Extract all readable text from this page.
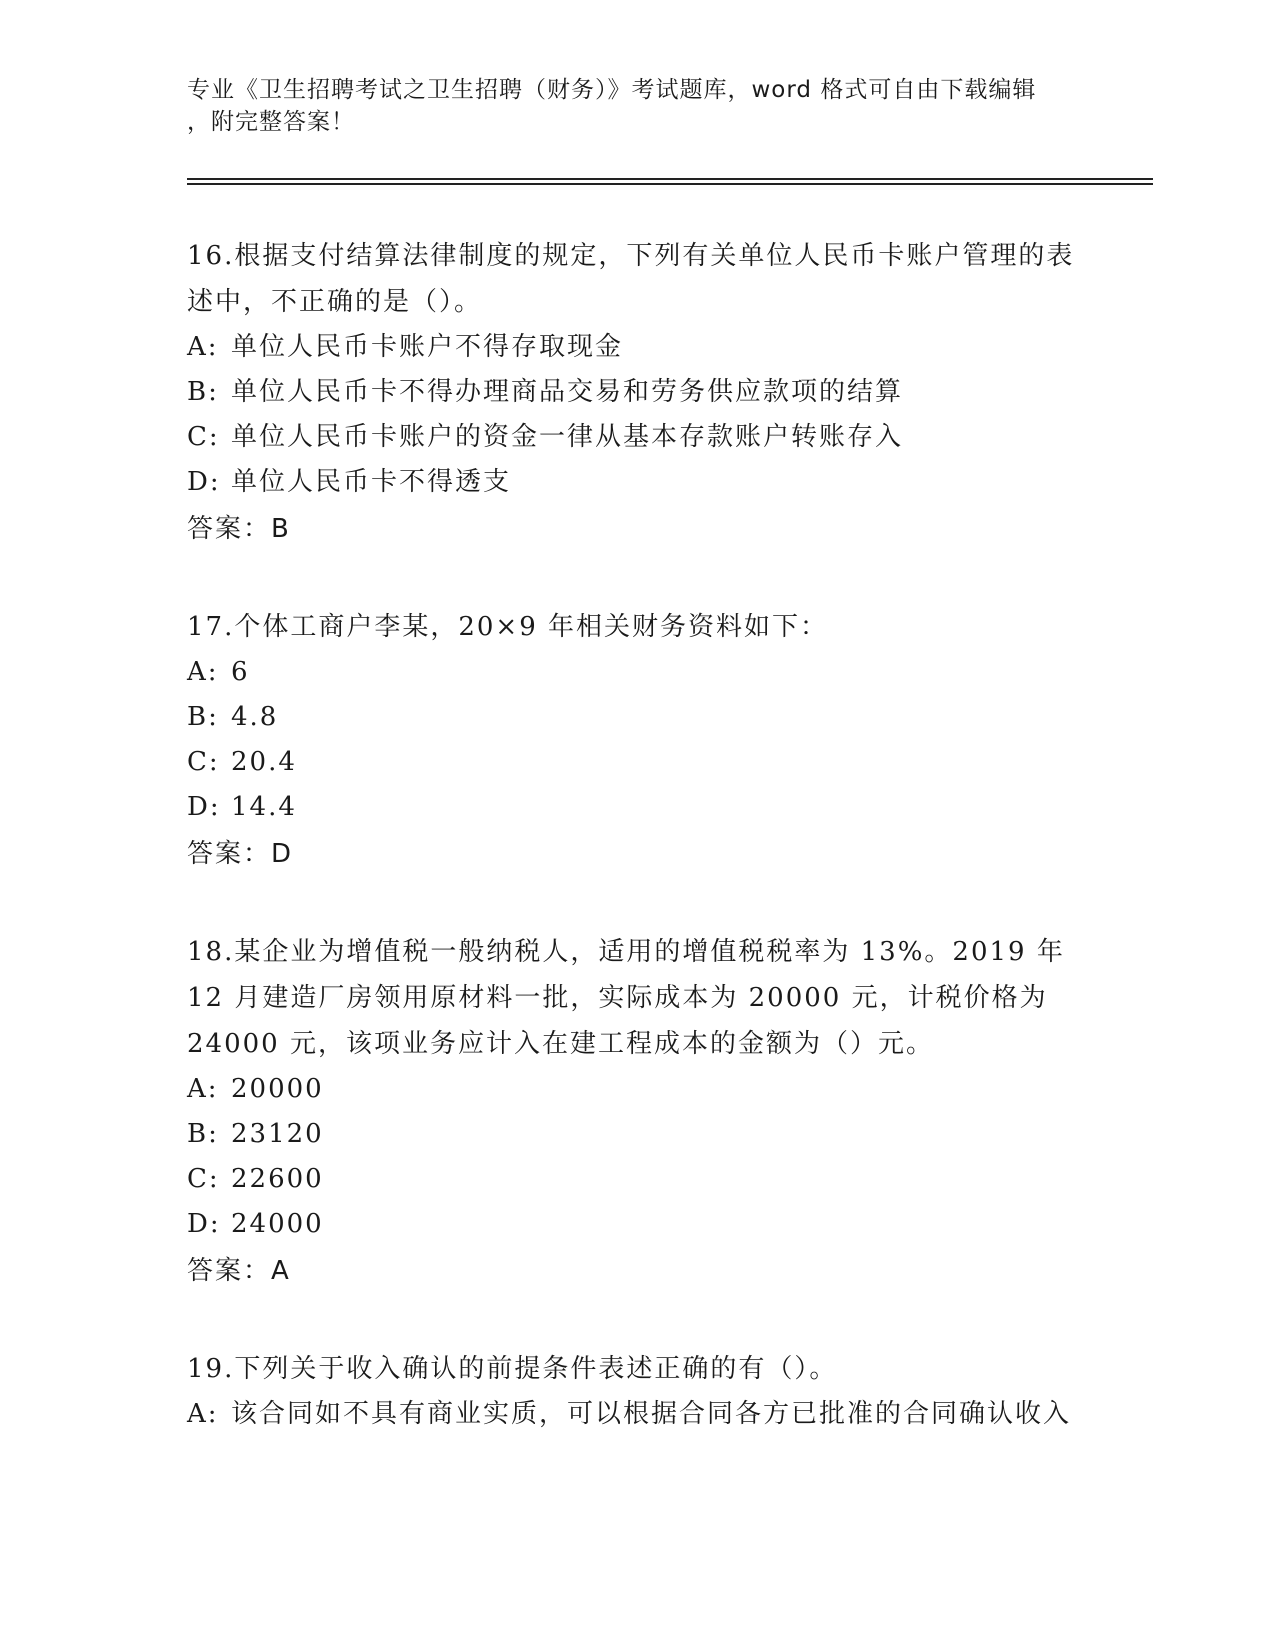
专业《卫生招聘考试之卫生招聘（财务）》考试题库，word 格式可自由下载编辑
，附完整答案！

16.根据支付结算法律制度的规定，下列有关单位人民币卡账户管理的表述中，不正确的是（）。

A: 单位人民币卡账户不得存取现金

B: 单位人民币卡不得办理商品交易和劳务供应款项的结算

C: 单位人民币卡账户的资金一律从基本存款账户转账存入

D: 单位人民币卡不得透支

答案：B

17.个体工商户李某，20×9 年相关财务资料如下：

A: 6

B: 4.8

C: 20.4

D: 14.4

答案：D

18.某企业为增值税一般纳税人，适用的增值税税率为 13%。2019 年 12 月建造厂房领用原材料一批，实际成本为 20000 元，计税价格为 24000 元，该项业务应计入在建工程成本的金额为（）元。

A: 20000

B: 23120

C: 22600

D: 24000

答案：A

19.下列关于收入确认的前提条件表述正确的有（）。

A: 该合同如不具有商业实质，可以根据合同各方已批准的合同确认收入
